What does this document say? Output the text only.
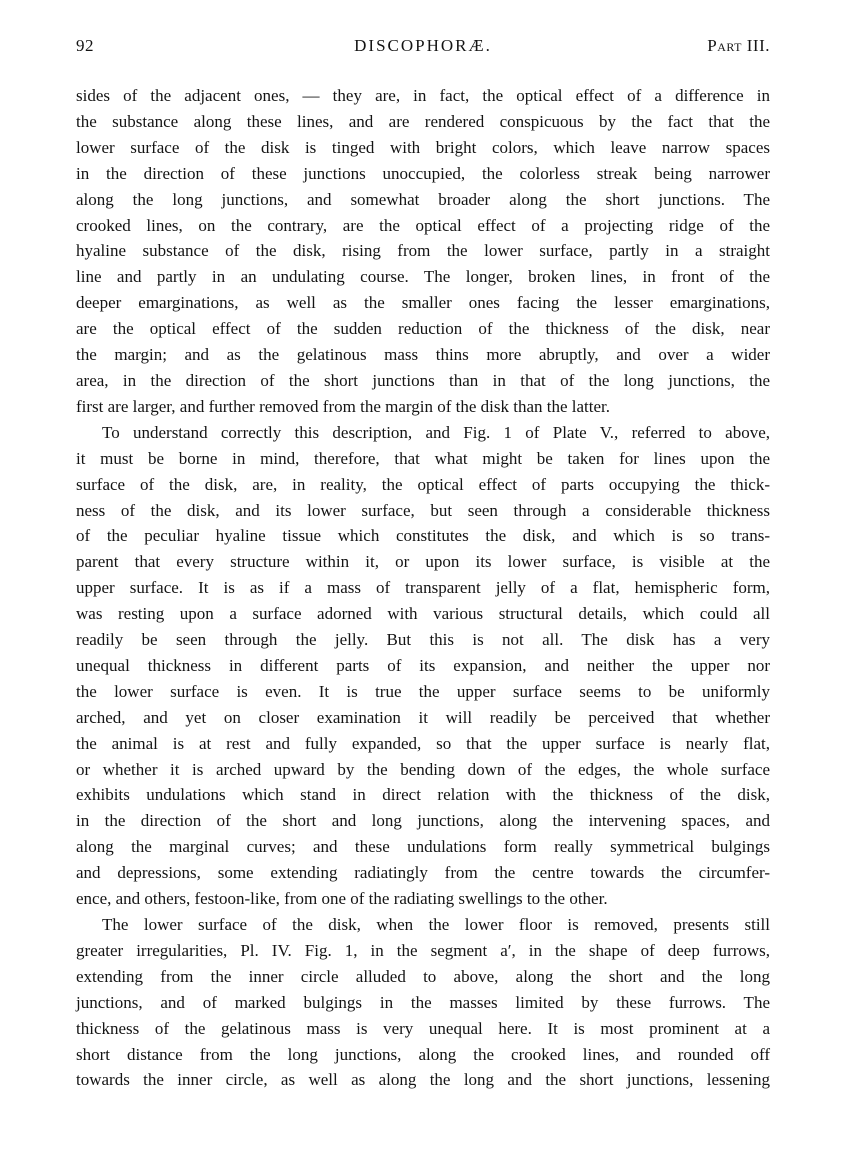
92	DISCOPHORÆ.	Part III.
sides of the adjacent ones, — they are, in fact, the optical effect of a difference in
the substance along these lines, and are rendered conspicuous by the fact that the
lower surface of the disk is tinged with bright colors, which leave narrow spaces
in the direction of these junctions unoccupied, the colorless streak being narrower
along the long junctions, and somewhat broader along the short junctions. The
crooked lines, on the contrary, are the optical effect of a projecting ridge of the
hyaline substance of the disk, rising from the lower surface, partly in a straight
line and partly in an undulating course. The longer, broken lines, in front of the
deeper emarginations, as well as the smaller ones facing the lesser emarginations,
are the optical effect of the sudden reduction of the thickness of the disk, near
the margin; and as the gelatinous mass thins more abruptly, and over a wider
area, in the direction of the short junctions than in that of the long junctions, the
first are larger, and further removed from the margin of the disk than the latter.
To understand correctly this description, and Fig. 1 of Plate V., referred to above,
it must be borne in mind, therefore, that what might be taken for lines upon the
surface of the disk, are, in reality, the optical effect of parts occupying the thick-
ness of the disk, and its lower surface, but seen through a considerable thickness
of the peculiar hyaline tissue which constitutes the disk, and which is so trans-
parent that every structure within it, or upon its lower surface, is visible at the
upper surface. It is as if a mass of transparent jelly of a flat, hemispheric form,
was resting upon a surface adorned with various structural details, which could all
readily be seen through the jelly. But this is not all. The disk has a very
unequal thickness in different parts of its expansion, and neither the upper nor
the lower surface is even. It is true the upper surface seems to be uniformly
arched, and yet on closer examination it will readily be perceived that whether
the animal is at rest and fully expanded, so that the upper surface is nearly flat,
or whether it is arched upward by the bending down of the edges, the whole surface
exhibits undulations which stand in direct relation with the thickness of the disk,
in the direction of the short and long junctions, along the intervening spaces, and
along the marginal curves; and these undulations form really symmetrical bulgings
and depressions, some extending radiatingly from the centre towards the circumfer-
ence, and others, festoon-like, from one of the radiating swellings to the other.
The lower surface of the disk, when the lower floor is removed, presents still
greater irregularities, Pl. IV. Fig. 1, in the segment a′, in the shape of deep furrows,
extending from the inner circle alluded to above, along the short and the long
junctions, and of marked bulgings in the masses limited by these furrows. The
thickness of the gelatinous mass is very unequal here. It is most prominent at a
short distance from the long junctions, along the crooked lines, and rounded off
towards the inner circle, as well as along the long and the short junctions, lessening
